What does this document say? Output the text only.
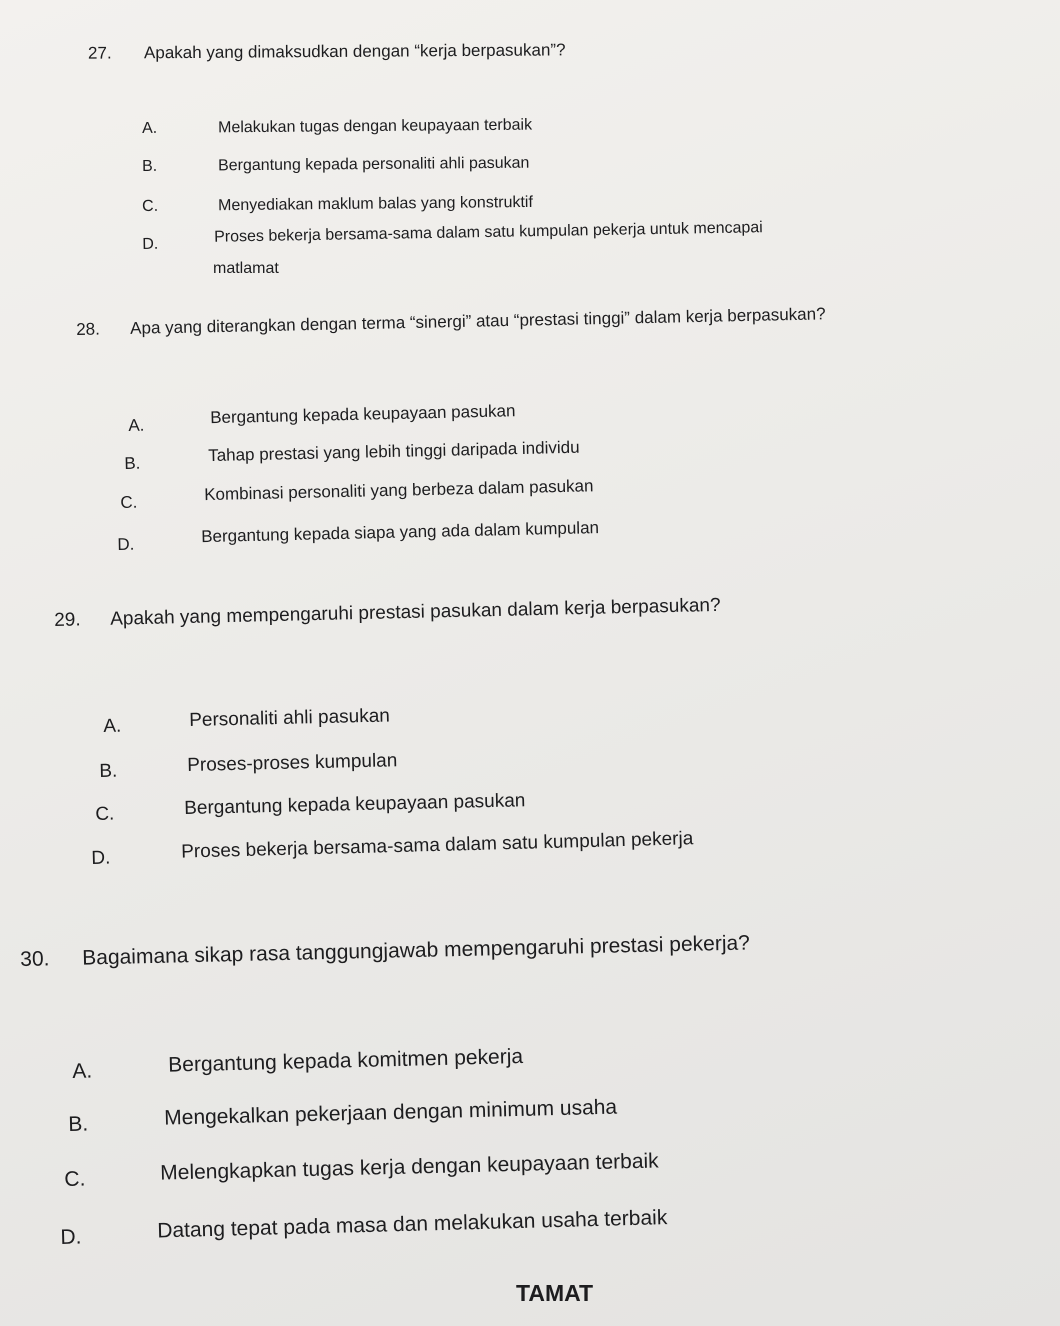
27. Apakah yang dimaksudkan dengan “kerja berpasukan”?
A.	Melakukan tugas dengan keupayaan terbaik
B.	Bergantung kepada personaliti ahli pasukan
C.	Menyediakan maklum balas yang konstruktif
D.	Proses bekerja bersama-sama dalam satu kumpulan pekerja untuk mencapai
matlamat
28. Apa yang diterangkan dengan terma “sinergi” atau “prestasi tinggi” dalam kerja berpasukan?
A.	Bergantung kepada keupayaan pasukan
B.	Tahap prestasi yang lebih tinggi daripada individu
C.	Kombinasi personaliti yang berbeza dalam pasukan
D.	Bergantung kepada siapa yang ada dalam kumpulan
29. Apakah yang mempengaruhi prestasi pasukan dalam kerja berpasukan?
A.	Personaliti ahli pasukan
B.	Proses-proses kumpulan
C.	Bergantung kepada keupayaan pasukan
D.	Proses bekerja bersama-sama dalam satu kumpulan pekerja
30. Bagaimana sikap rasa tanggungjawab mempengaruhi prestasi pekerja?
A.	Bergantung kepada komitmen pekerja
B.	Mengekalkan pekerjaan dengan minimum usaha
C.	Melengkapkan tugas kerja dengan keupayaan terbaik
D.	Datang tepat pada masa dan melakukan usaha terbaik
TAMAT
